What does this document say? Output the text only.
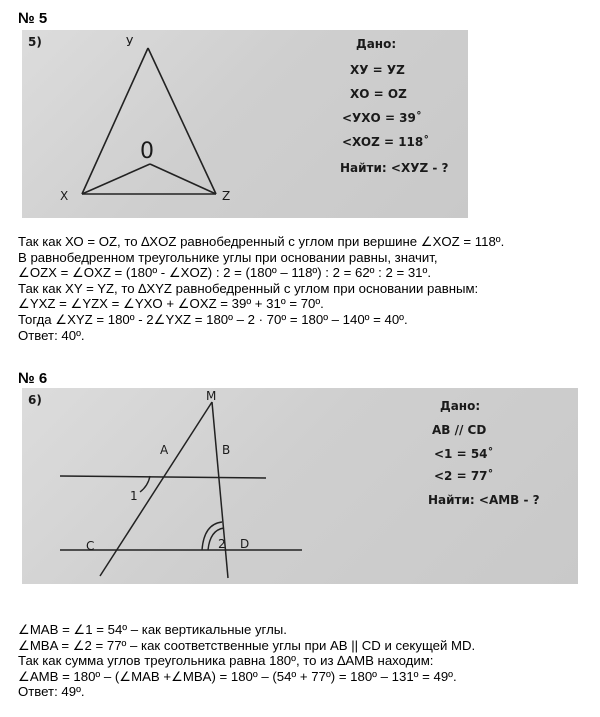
№ 5
5)	У
0
Х	Z
Дано:
ХУ = УZ
ХО = OZ
<УХО = 39˚
<XOZ = 118˚
Найти: <XУZ - ?
Так как ХО = OZ, то ∆XOZ равнобедренный с углом при вершине ∠XOZ = 118º.
В равнобедренном треугольнике углы при основании равны, значит,
∠OZX = ∠OXZ = (180º - ∠XOZ) : 2 = (180º – 118º) : 2 = 62º : 2 = 31º.
Так как XY = YZ, то ∆XYZ равнобедренный с углом при основании равным:
∠YXZ = ∠YZX = ∠YXO + ∠OXZ = 39º + 31º = 70º.
Тогда ∠XYZ = 180º - 2∠YXZ = 180º – 2 · 70º = 180º – 140º = 40º.
Ответ: 40º.
№ 6
6)	M
A	B
C	D
1
2
Дано:
AB // CD
<1 = 54˚
<2 = 77˚
Найти: <AMB - ?
∠MAB = ∠1 = 54º – как вертикальные углы.
∠MBA = ∠2 = 77º – как соответственные углы при AB || CD и секущей MD.
Так как сумма углов треугольника равна 180º, то из ∆AMB находим:
∠AMB = 180º – (∠MAB +∠MBA) = 180º – (54º + 77º) = 180º – 131º = 49º.
Ответ: 49º.
